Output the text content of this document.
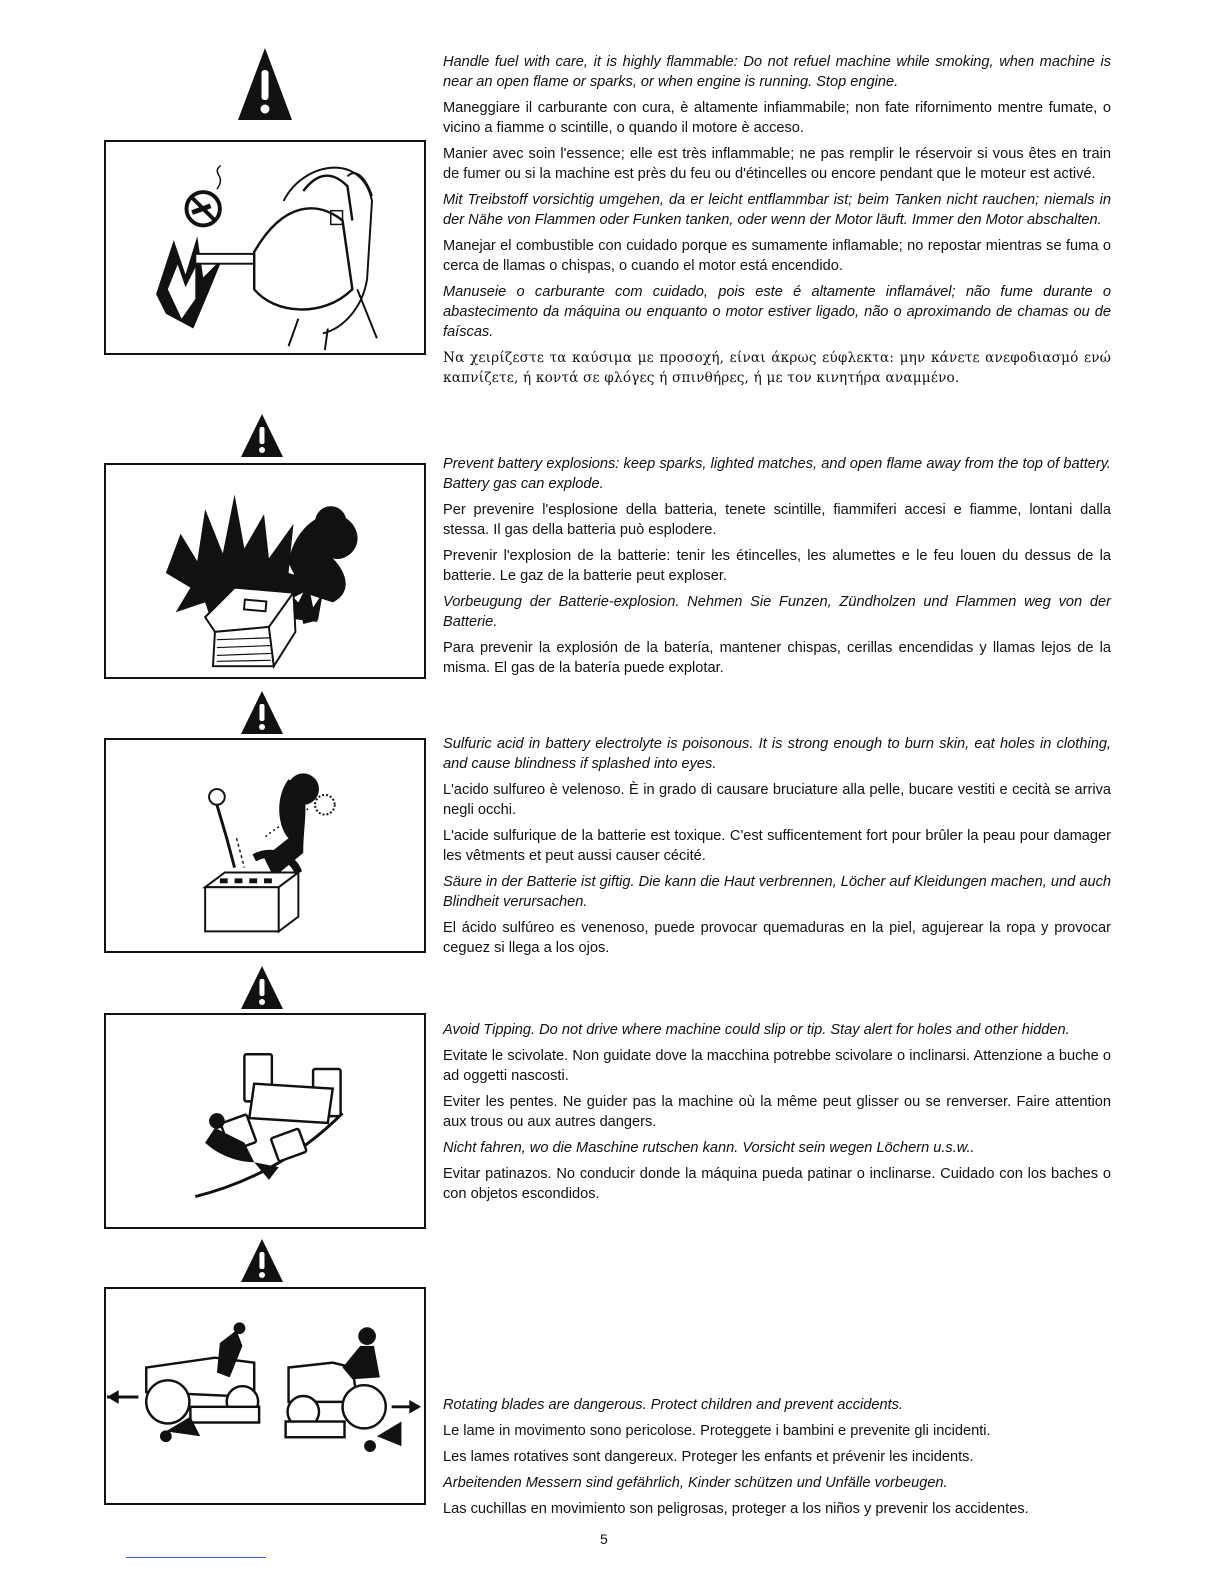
Handle fuel with care, it is highly flammable: Do not refuel machine while smoking, when machine is near an open flame or sparks, or when engine is running. Stop engine.

Maneggiare il carburante con cura, è altamente infiammabile; non fate rifornimento mentre fumate, o vicino a fiamme o scintille, o quando il motore è acceso.

Manier avec soin l'essence; elle est très inflammable; ne pas remplir le réservoir si vous êtes en train de fumer ou si la machine est près du feu ou d'étincelles ou encore pendant que le moteur est activé.

Mit Treibstoff vorsichtig umgehen, da er leicht entflammbar ist; beim Tanken nicht rauchen; niemals in der Nähe von Flammen oder Funken tanken, oder wenn der Motor läuft. Immer den Motor abschalten.

Manejar el combustible con cuidado porque es sumamente inflamable; no repostar mientras se fuma o cerca de llamas o chispas, o cuando el motor está encendido.

Manuseie o carburante com cuidado, pois este é altamente inflamável; não fume durante o abastecimento da máquina ou enquanto o motor estiver ligado, não o aproximando de chamas ou de faíscas.

Να χειρίζεστε τα καύσιμα με προσοχή, είναι άκρως εύφλεκτα: μην κάνετε ανεφοδιασμό ενώ καπνίζετε, ή κοντά σε φλόγες ή σπινθήρες, ή με τον κινητήρα αναμμένο.

Prevent battery explosions: keep sparks, lighted matches, and open flame away from the top of battery. Battery gas can explode.

Per prevenire l'esplosione della batteria, tenete scintille, fiammiferi accesi e fiamme, lontani dalla stessa. Il gas della batteria può esplodere.

Prevenir l'explosion de la batterie: tenir les étincelles, les alumettes e le feu louen du dessus de la batterie. Le gaz de la batterie peut exploser.

Vorbeugung der Batterie-explosion. Nehmen Sie Funzen, Zündholzen und Flammen weg von der Batterie.

Para prevenir la explosión de la batería, mantener chispas, cerillas encendidas y llamas lejos de la misma. El gas de la batería puede explotar.

Sulfuric acid in battery electrolyte is poisonous. It is strong enough to burn skin, eat holes in clothing, and cause blindness if splashed into eyes.

L'acido sulfureo è velenoso. È in grado di causare bruciature alla pelle, bucare vestiti e cecità se arriva negli occhi.

L'acide sulfurique de la batterie est toxique. C'est sufficentement fort pour brûler la peau pour damager les vêtments et peut aussi causer cécité.

Säure in der Batterie ist giftig. Die kann die Haut verbrennen, Löcher auf Kleidungen machen, und auch Blindheit verursachen.

El ácido sulfúreo es venenoso, puede provocar quemaduras en la piel, agujerear la ropa y provocar ceguez si llega a los ojos.

Avoid Tipping. Do not drive where machine could slip or tip. Stay alert for holes and other hidden.

Evitate le scivolate. Non guidate dove la macchina potrebbe scivolare o inclinarsi. Attenzione a buche o ad oggetti nascosti.

Eviter les pentes. Ne guider pas la machine où la même peut glisser ou se renverser. Faire attention aux trous ou aux autres dangers.

Nicht fahren, wo die Maschine rutschen kann. Vorsicht sein wegen Löchern u.s.w..

Evitar patinazos. No conducir donde la máquina pueda patinar o inclinarse. Cuidado con los baches o con objetos escondidos.

Rotating blades are dangerous. Protect children and prevent accidents.

Le lame in movimento sono pericolose. Proteggete i bambini e prevenite gli incidenti.

Les lames rotatives sont dangereux. Proteger les enfants et prévenir les incidents.

Arbeitenden Messern sind gefährlich, Kinder schützen und Unfälle vorbeugen.

Las cuchillas en movimiento son peligrosas, proteger a los niños y prevenir los accidentes.

5
